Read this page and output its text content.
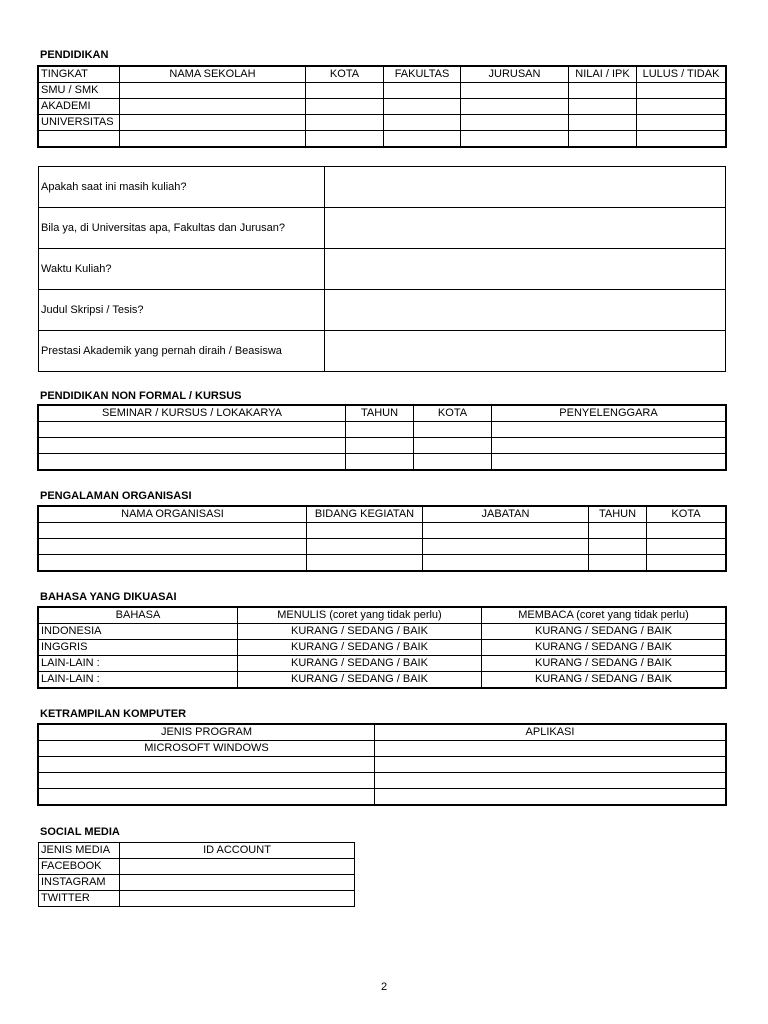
PENDIDIKAN
TINGKAT	NAMA SEKOLAH	KOTA	FAKULTAS	JURUSAN	NILAI / IPK	LULUS / TIDAK
SMU / SMK						
AKADEMI						
UNIVERSITAS						

Apakah saat ini masih kuliah?	
Bila ya, di Universitas apa, Fakultas dan Jurusan?	
Waktu Kuliah?	
Judul Skripsi / Tesis?	
Prestasi Akademik yang pernah diraih / Beasiswa	
PENDIDIKAN NON FORMAL / KURSUS
SEMINAR / KURSUS / LOKAKARYA	TAHUN	KOTA	PENYELENGGARA

PENGALAMAN ORGANISASI
NAMA ORGANISASI	BIDANG KEGIATAN	JABATAN	TAHUN	KOTA

BAHASA YANG DIKUASAI
BAHASA	MENULIS (coret yang tidak perlu)	MEMBACA (coret yang tidak perlu)
INDONESIA	KURANG / SEDANG / BAIK	KURANG / SEDANG / BAIK
INGGRIS	KURANG / SEDANG / BAIK	KURANG / SEDANG / BAIK
LAIN-LAIN :	KURANG / SEDANG / BAIK	KURANG / SEDANG / BAIK
LAIN-LAIN :	KURANG / SEDANG / BAIK	KURANG / SEDANG / BAIK
KETRAMPILAN KOMPUTER
JENIS PROGRAM	APLIKASI
MICROSOFT WINDOWS	

SOCIAL MEDIA
JENIS MEDIA	ID ACCOUNT
FACEBOOK	
INSTAGRAM	
TWITTER	
2
